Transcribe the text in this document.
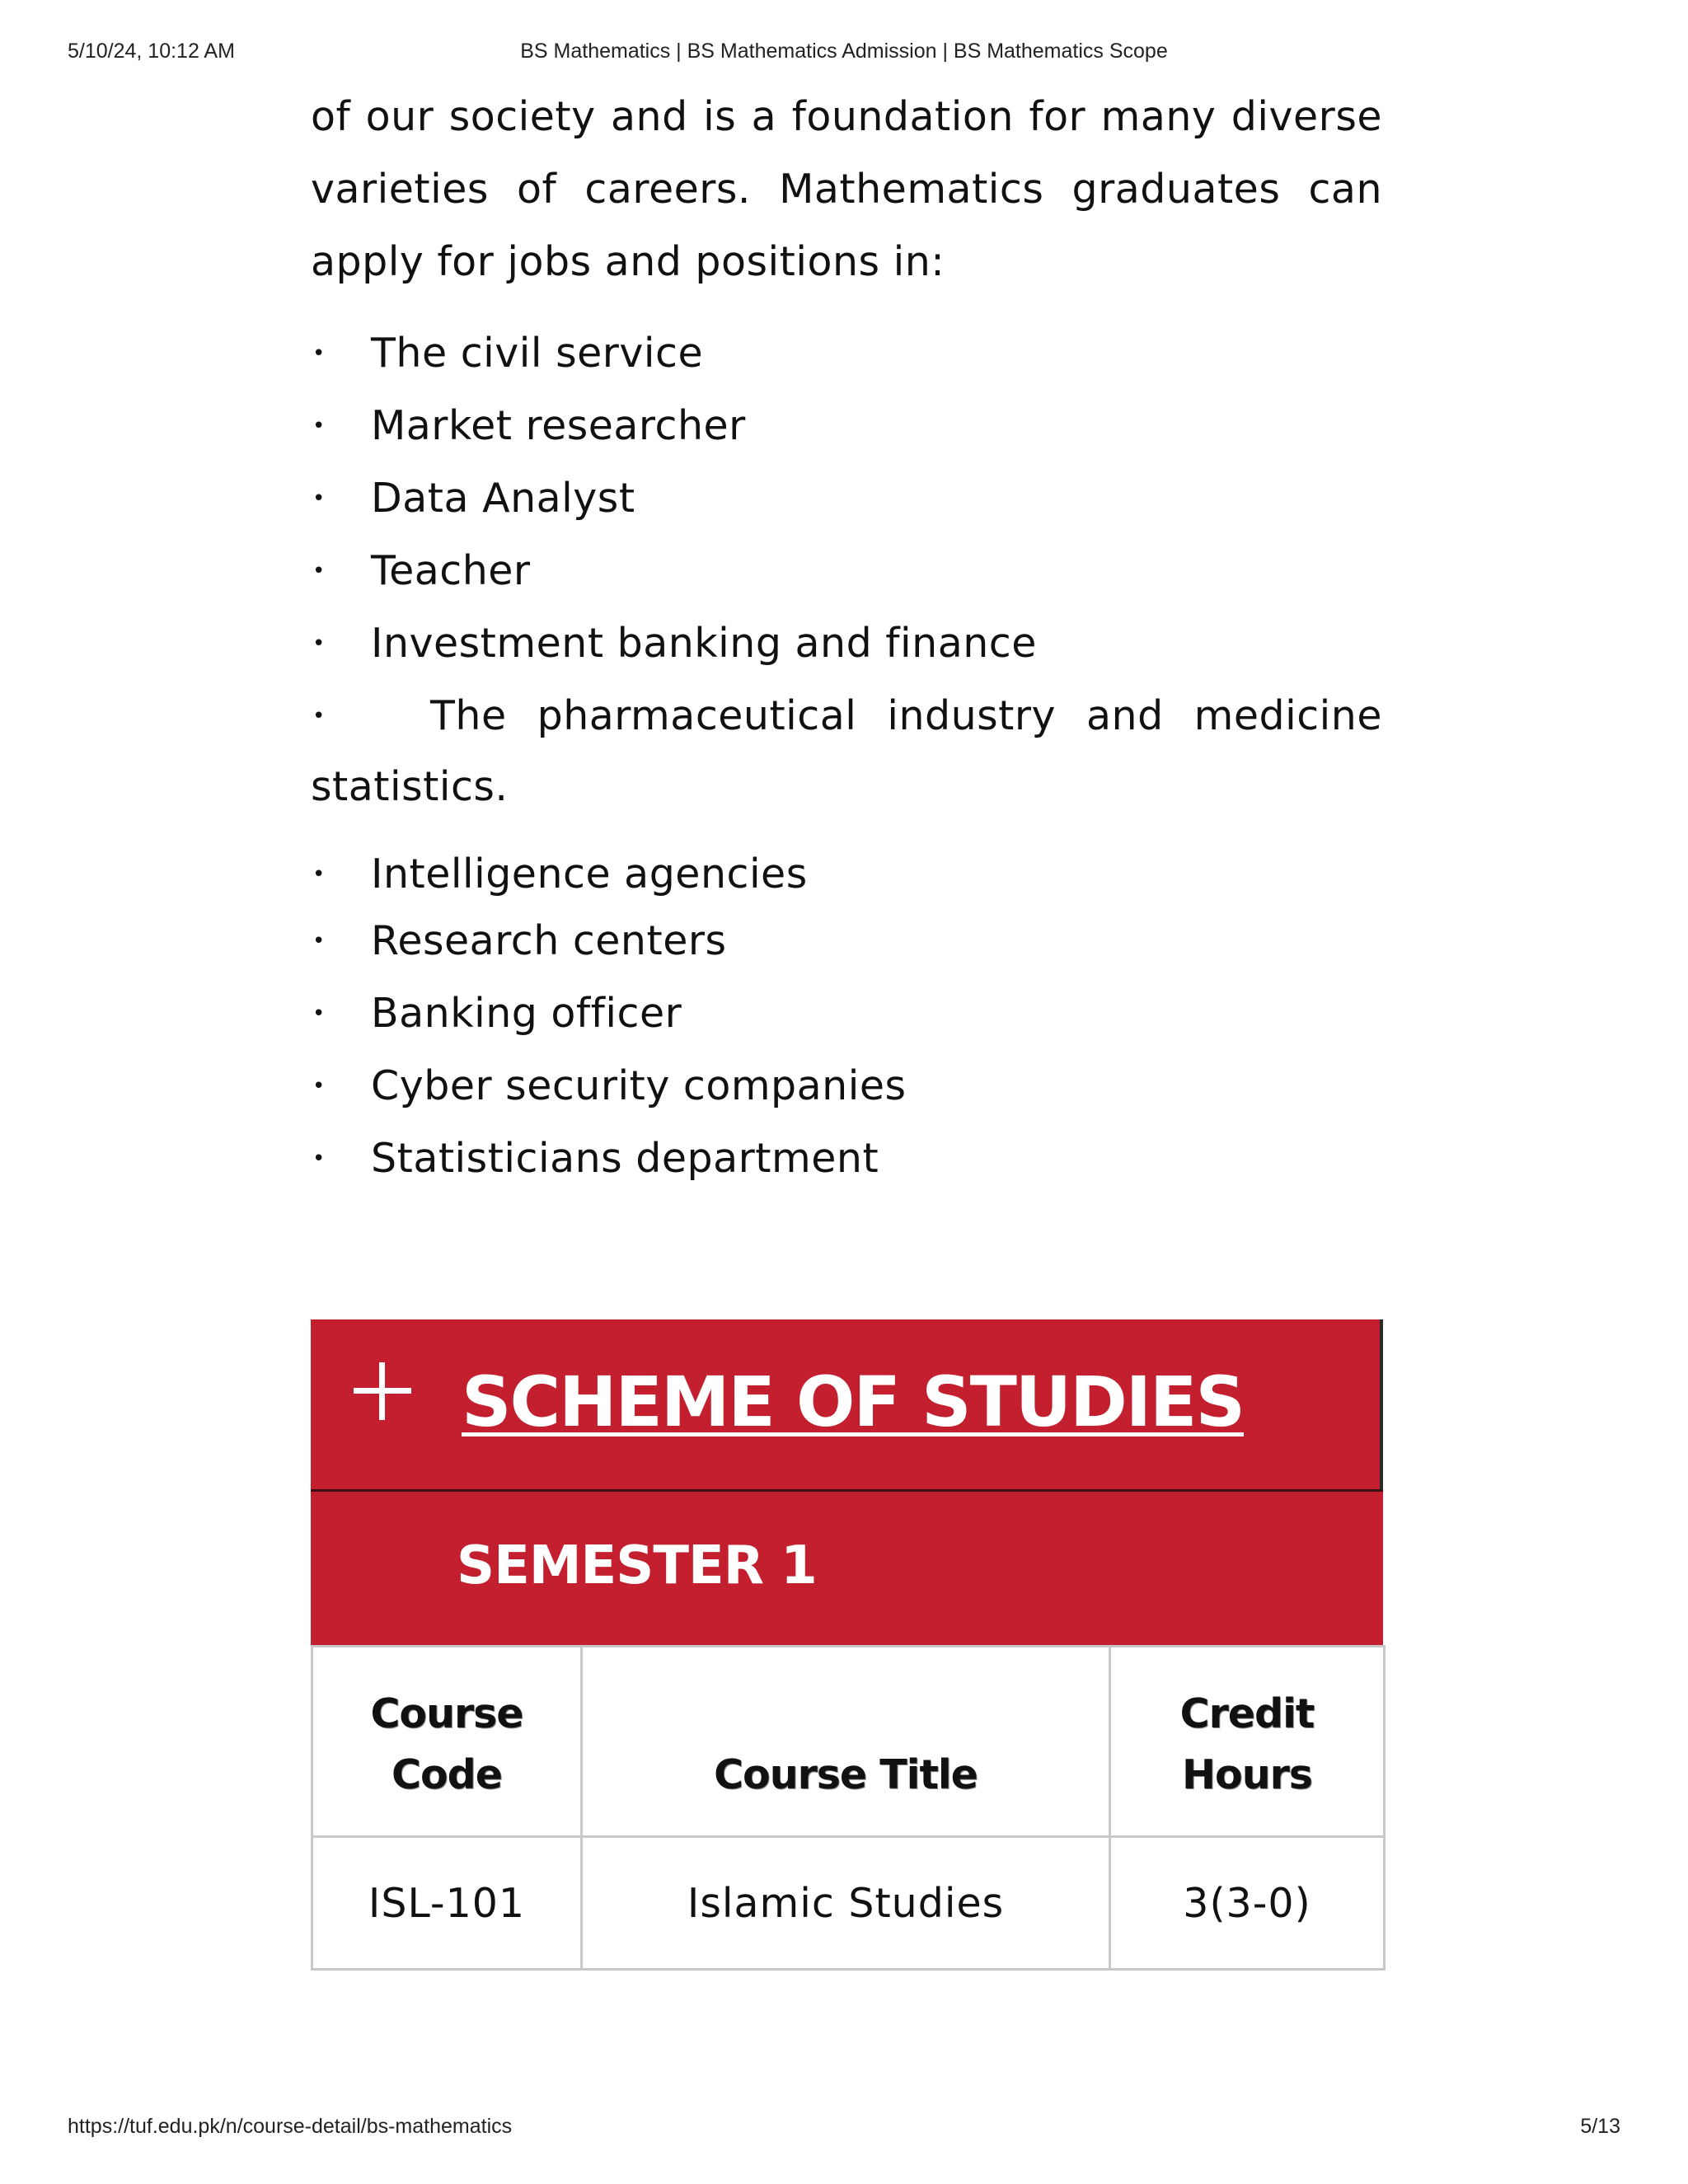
5/10/24, 10:12 AM	BS Mathematics | BS Mathematics Admission | BS Mathematics Scope

of our society and is a foundation for many diverse

varieties of careers. Mathematics graduates can

apply for jobs and positions in:

• The civil service
• Market researcher
• Data Analyst
• Teacher
• Investment banking and finance
•	The pharmaceutical industry and medicine
statistics.
• Intelligence agencies
• Research centers
• Banking officer
• Cyber security companies
• Statisticians department
SCHEME OF STUDIES
SEMESTER 1
Course
Code	Course Title	Credit Hours
ISL-101	Islamic Studies	3(3-0)
https://tuf.edu.pk/n/course-detail/bs-mathematics	5/13
